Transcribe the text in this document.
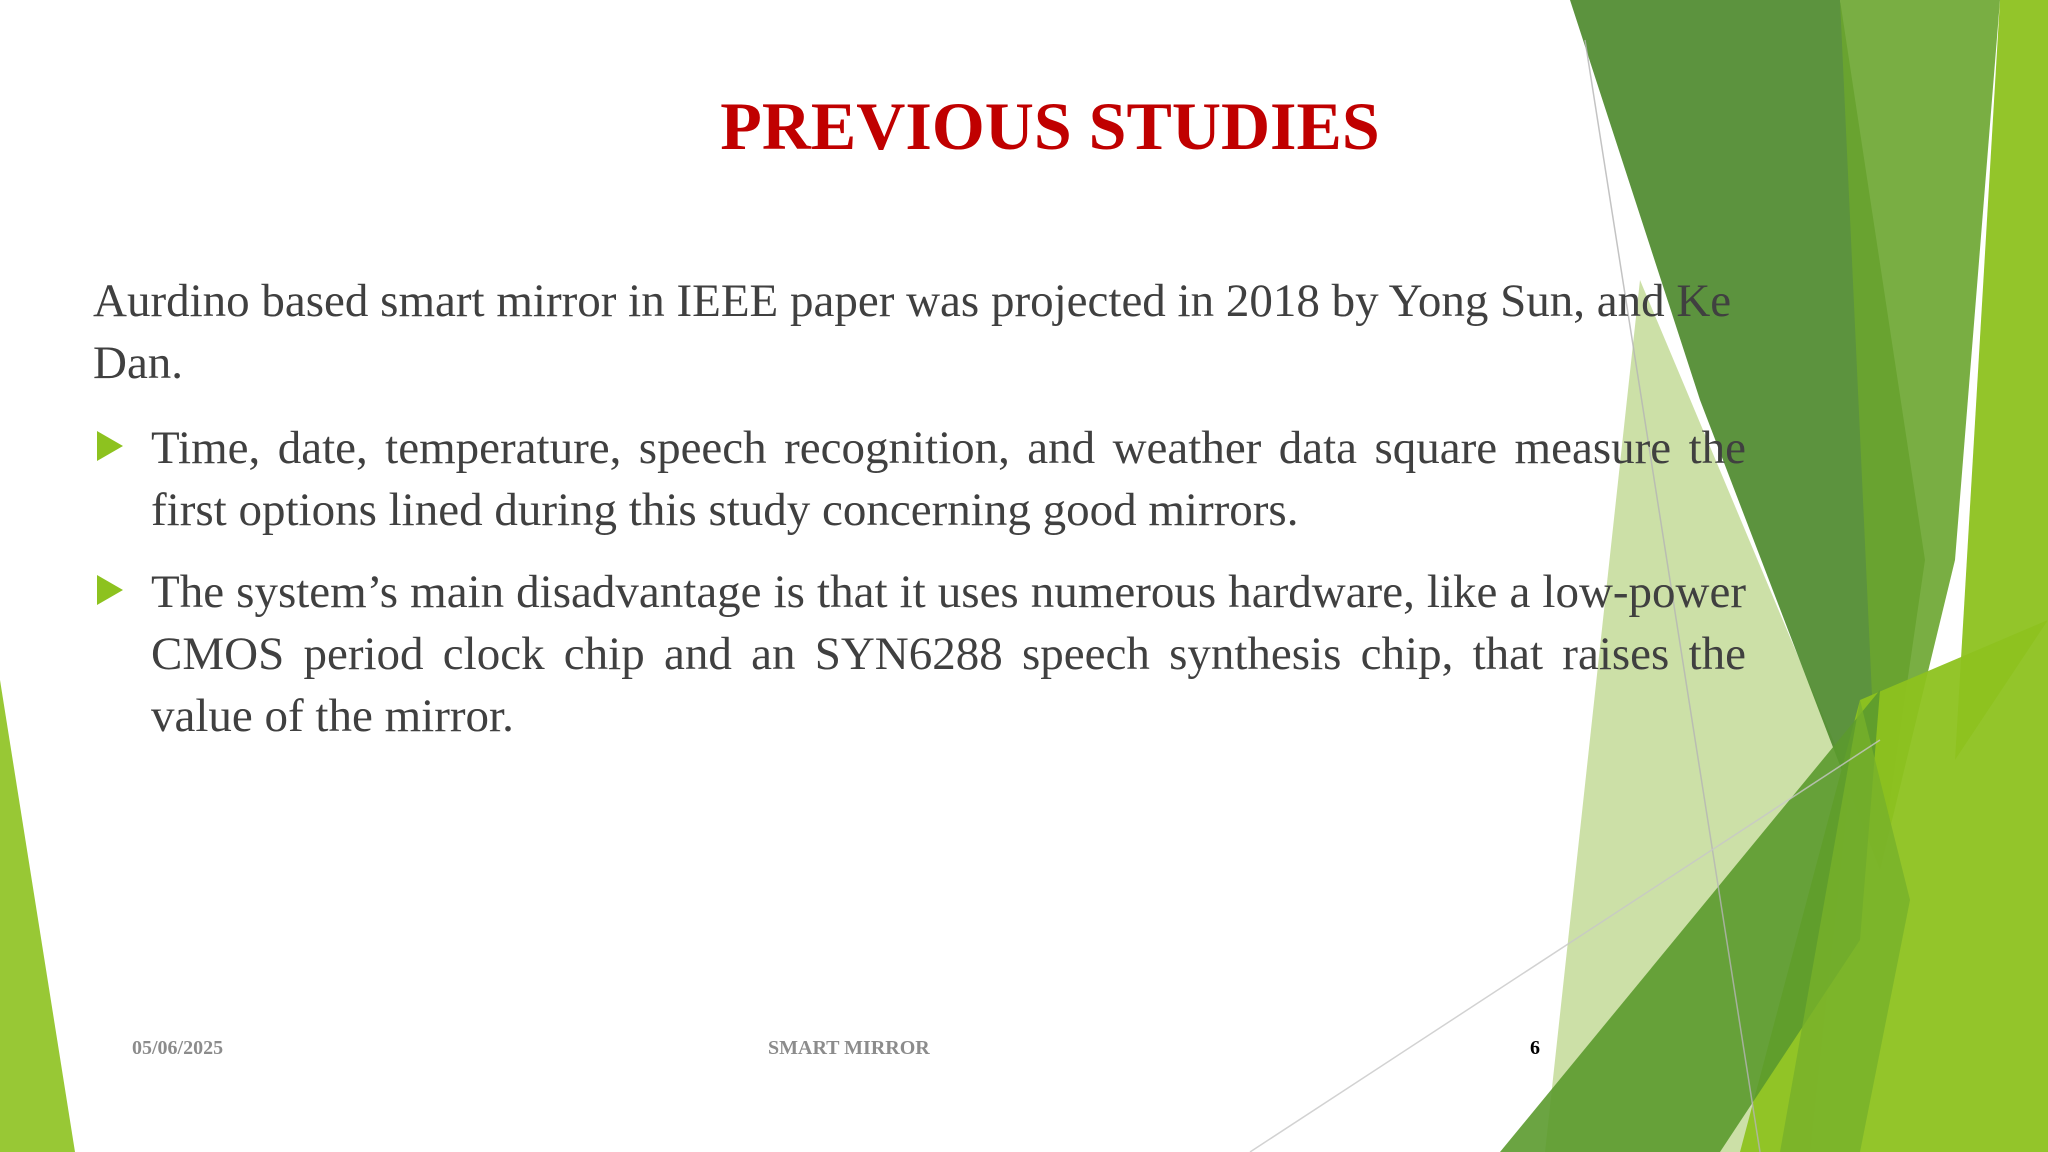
PREVIOUS STUDIES
Aurdino based smart mirror in IEEE paper was projected in 2018 by Yong Sun, and Ke Dan.
Time, date, temperature, speech recognition, and weather data square measure the first options lined during this study concerning good mirrors.
The system’s main disadvantage is that it uses numerous hardware, like a low-power CMOS period clock chip and an SYN6288 speech synthesis chip, that raises the value of the mirror.
05/06/2025	SMART MIRROR	6
